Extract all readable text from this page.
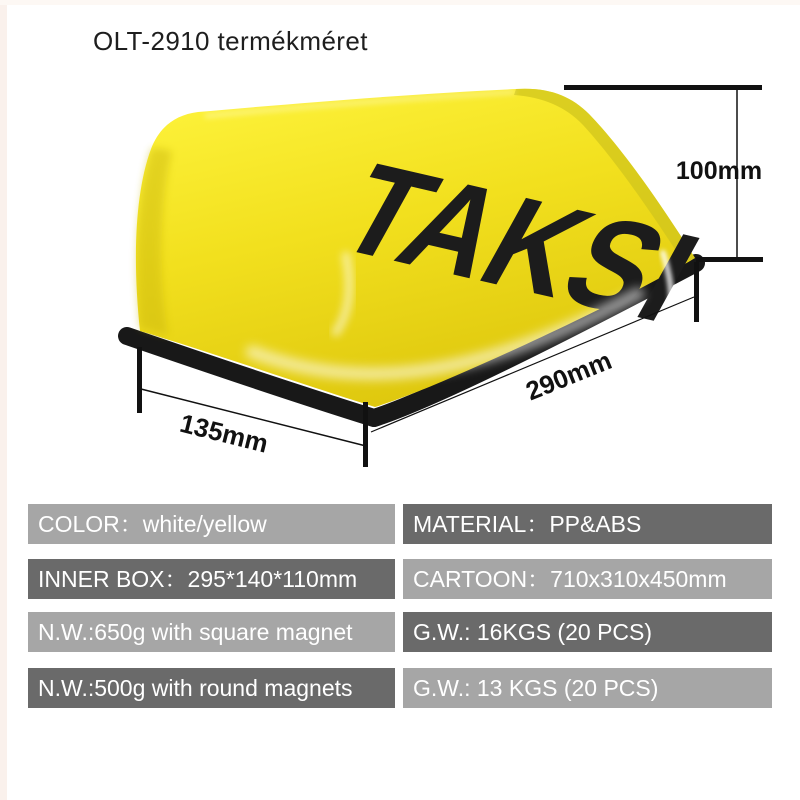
OLT-2910 termékméret
TAKSI 100mm
135mm
290mm
COLOR：white/yellow	MATERIAL：PP&ABS
INNER BOX：295*140*110mm	CARTOON：710x310x450mm
N.W.:650g with square magnet	G.W.: 16KGS (20 PCS)
N.W.:500g with round magnets	G.W.: 13 KGS (20 PCS)
